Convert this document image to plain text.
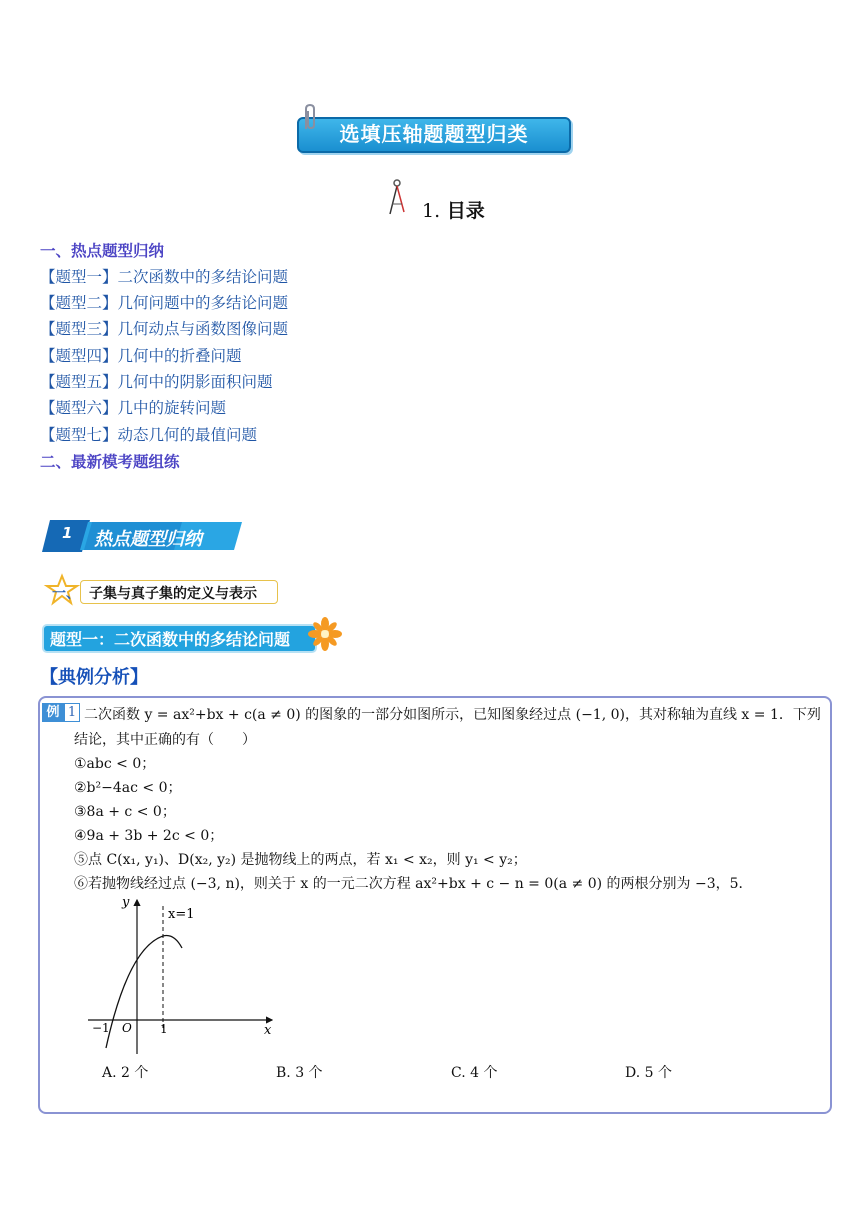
选填压轴题题型归类
1. 目录
一、热点题型归纳
【题型一】二次函数中的多结论问题
【题型二】几何问题中的多结论问题
【题型三】几何动点与函数图像问题
【题型四】几何中的折叠问题
【题型五】几何中的阴影面积问题
【题型六】几中的旋转问题
【题型七】动态几何的最值问题
二、最新模考题组练
1 热点题型归纳
一、 子集与真子集的定义与表示
题型一：二次函数中的多结论问题
【典例分析】
例 1 二次函数 y = ax²+bx + c(a ≠ 0) 的图象的一部分如图所示，已知图象经过点 (−1, 0)，其对称轴为直线 x = 1．下列
结论，其中正确的有（　　）
①abc < 0；
②b²−4ac < 0；
③8a + c < 0；
④9a + 3b + 2c < 0；
⑤点 C(x₁, y₁)、D(x₂, y₂) 是抛物线上的两点，若 x₁ < x₂，则 y₁ < y₂；
⑥若抛物线经过点 (−3, n)，则关于 x 的一元二次方程 ax²+bx + c − n = 0(a ≠ 0) 的两根分别为 −3，5．
y
x
x=1
O
−1	1
A. 2 个	B. 3 个	C. 4 个	D. 5 个
